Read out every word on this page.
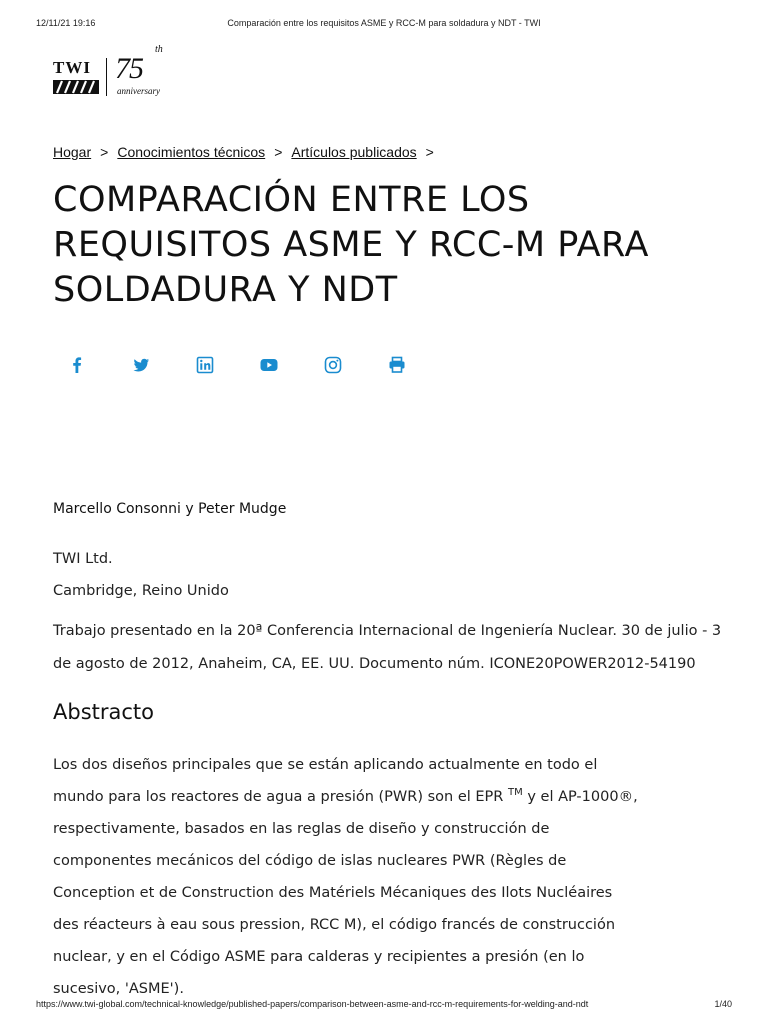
12/11/21 19:16	Comparación entre los requisitos ASME y RCC-M para soldadura y NDT - TWI
TWI 75
th
anniversary
Hogar > Conocimientos técnicos > Artículos publicados >
COMPARACIÓN ENTRE LOS REQUISITOS ASME Y RCC-M PARA SOLDADURA Y NDT
Marcello Consonni y Peter Mudge
TWI Ltd.
Cambridge, Reino Unido

Trabajo presentado en la 20ª Conferencia Internacional de Ingeniería Nuclear. 30 de julio - 3 de agosto de 2012, Anaheim, CA, EE. UU. Documento núm. ICONE20POWER2012-54190

Abstracto

Los dos diseños principales que se están aplicando actualmente en todo el mundo para los reactores de agua a presión (PWR) son el EPR ™ y el AP-1000®, respectivamente, basados en las reglas de diseño y construcción de componentes mecánicos del código de islas nucleares PWR (Règles de Conception et de Construction des Matériels Mécaniques des Ilots Nucléaires des réacteurs à eau sous pression, RCC M), el código francés de construcción nuclear, y en el Código ASME para calderas y recipientes a presión (en lo sucesivo, 'ASME').

https://www.twi-global.com/technical-knowledge/published-papers/comparison-between-asme-and-rcc-m-requirements-for-welding-and-ndt	1/40
